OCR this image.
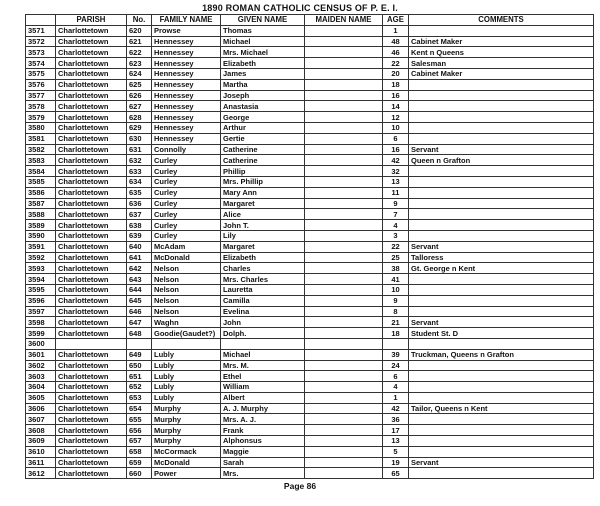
1890 ROMAN CATHOLIC CENSUS OF P. E. I.
	PARISH	No.	FAMILY NAME	GIVEN NAME	MAIDEN NAME	AGE	COMMENTS
3571	Charlottetown	620	Prowse	Thomas		1	
3572	Charlottetown	621	Hennessey	Michael		48	Cabinet Maker
3573	Charlottetown	622	Hennessey	Mrs. Michael		46	Kent n Queens
3574	Charlottetown	623	Hennessey	Elizabeth		22	Salesman
3575	Charlottetown	624	Hennessey	James		20	Cabinet Maker
3576	Charlottetown	625	Hennessey	Martha		18	
3577	Charlottetown	626	Hennessey	Joseph		16	
3578	Charlottetown	627	Hennessey	Anastasia		14	
3579	Charlottetown	628	Hennessey	George		12	
3580	Charlottetown	629	Hennessey	Arthur		10	
3581	Charlottetown	630	Hennessey	Gertie		6	
3582	Charlottetown	631	Connolly	Catherine		16	Servant
3583	Charlottetown	632	Curley	Catherine		42	Queen n Grafton
3584	Charlottetown	633	Curley	Phillip		32	
3585	Charlottetown	634	Curley	Mrs. Phillip		13	
3586	Charlottetown	635	Curley	Mary Ann		11	
3587	Charlottetown	636	Curley	Margaret		9	
3588	Charlottetown	637	Curley	Alice		7	
3589	Charlottetown	638	Curley	John T.		4	
3590	Charlottetown	639	Curley	Lily		3	
3591	Charlottetown	640	McAdam	Margaret		22	Servant
3592	Charlottetown	641	McDonald	Elizabeth		25	Talloress
3593	Charlottetown	642	Nelson	Charles		38	Gt. George n Kent
3594	Charlottetown	643	Nelson	Mrs. Charles		41	
3595	Charlottetown	644	Nelson	Lauretta		10	
3596	Charlottetown	645	Nelson	Camilla		9	
3597	Charlottetown	646	Nelson	Evelina		8	
3598	Charlottetown	647	Waghn	John		21	Servant
3599	Charlottetown	648	Goodie(Gaudet?)	Dolph.		18	Student St. D
3600							
3601	Charlottetown	649	Lubly	Michael		39	Truckman, Queens n Grafton
3602	Charlottetown	650	Lubly	Mrs. M.		24	
3603	Charlottetown	651	Lubly	Ethel		6	
3604	Charlottetown	652	Lubly	William		4	
3605	Charlottetown	653	Lubly	Albert		1	
3606	Charlottetown	654	Murphy	A. J. Murphy		42	Tailor, Queens n Kent
3607	Charlottetown	655	Murphy	Mrs. A. J.		36	
3608	Charlottetown	656	Murphy	Frank		17	
3609	Charlottetown	657	Murphy	Alphonsus		13	
3610	Charlottetown	658	McCormack	Maggie		5	
3611	Charlottetown	659	McDonald	Sarah		19	Servant
3612	Charlottetown	660	Power	Mrs.		65	
Page 86
